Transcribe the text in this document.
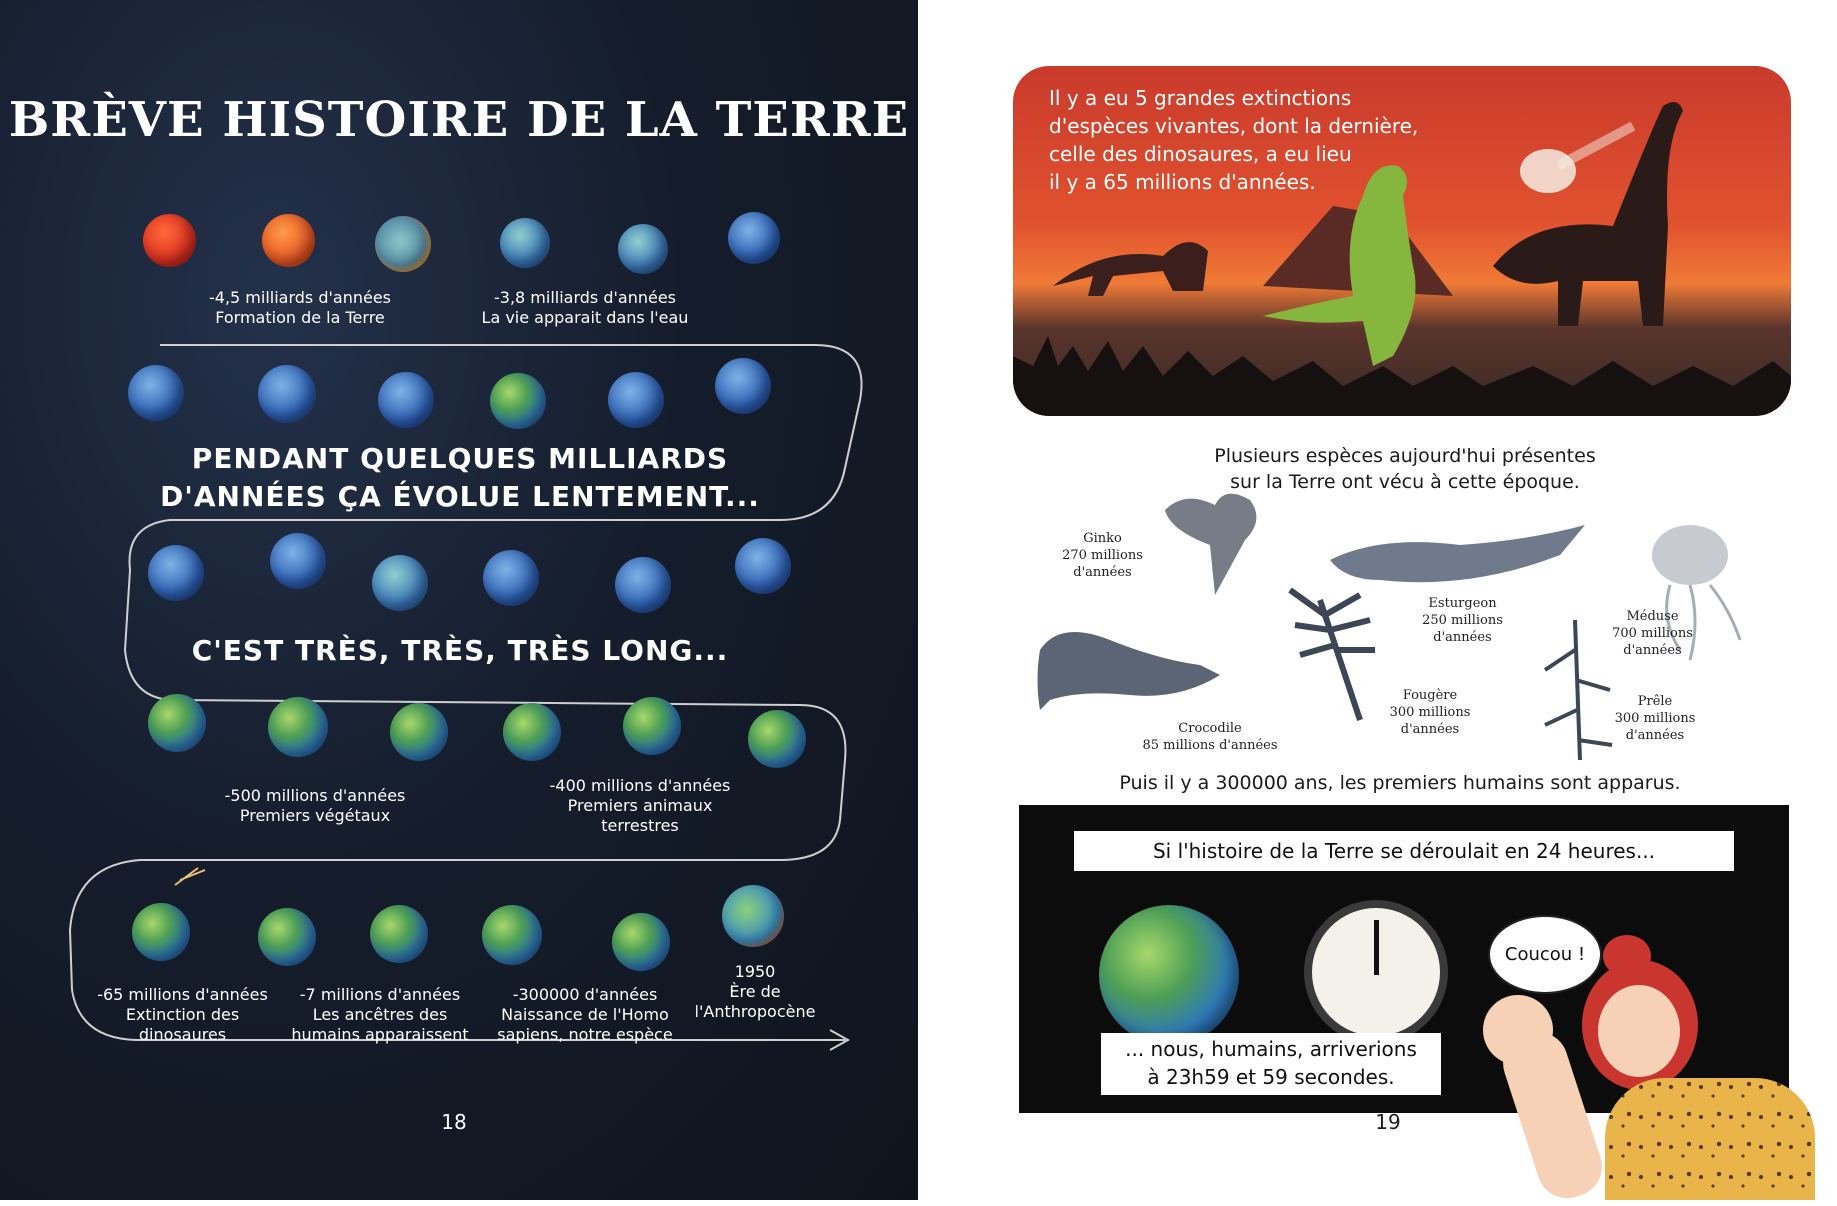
BRÈVE HISTOIRE DE LA TERRE
-4,5 milliards d'années
Formation de la Terre
-3,8 milliards d'années
La vie apparait dans l'eau
PENDANT QUELQUES MILLIARDS
D'ANNÉES ÇA ÉVOLUE LENTEMENT...
C'EST TRÈS, TRÈS, TRÈS LONG...
-500 millions d'années
Premiers végétaux
-400 millions d'années
Premiers animaux
terrestres
-65 millions d'années
Extinction des
dinosaures
-7 millions d'années
Les ancêtres des
humains apparaissent
-300000 d'années
Naissance de l'Homo
sapiens, notre espèce
1950
Ère de
l'Anthropocène
18
Il y a eu 5 grandes extinctions
d'espèces vivantes, dont la dernière,
celle des dinosaures, a eu lieu
il y a 65 millions d'années.
Plusieurs espèces aujourd'hui présentes
sur la Terre ont vécu à cette époque.
Ginko
270 millions
d'années
Esturgeon
250 millions
d'années
Méduse
700 millions
d'années
Crocodile
85 millions d'années
Fougère
300 millions
d'années
Prêle
300 millions
d'années
Puis il y a 300000 ans, les premiers humains sont apparus.
Si l'histoire de la Terre se déroulait en 24 heures...
... nous, humains, arriverions
à 23h59 et 59 secondes.
Coucou !
19
